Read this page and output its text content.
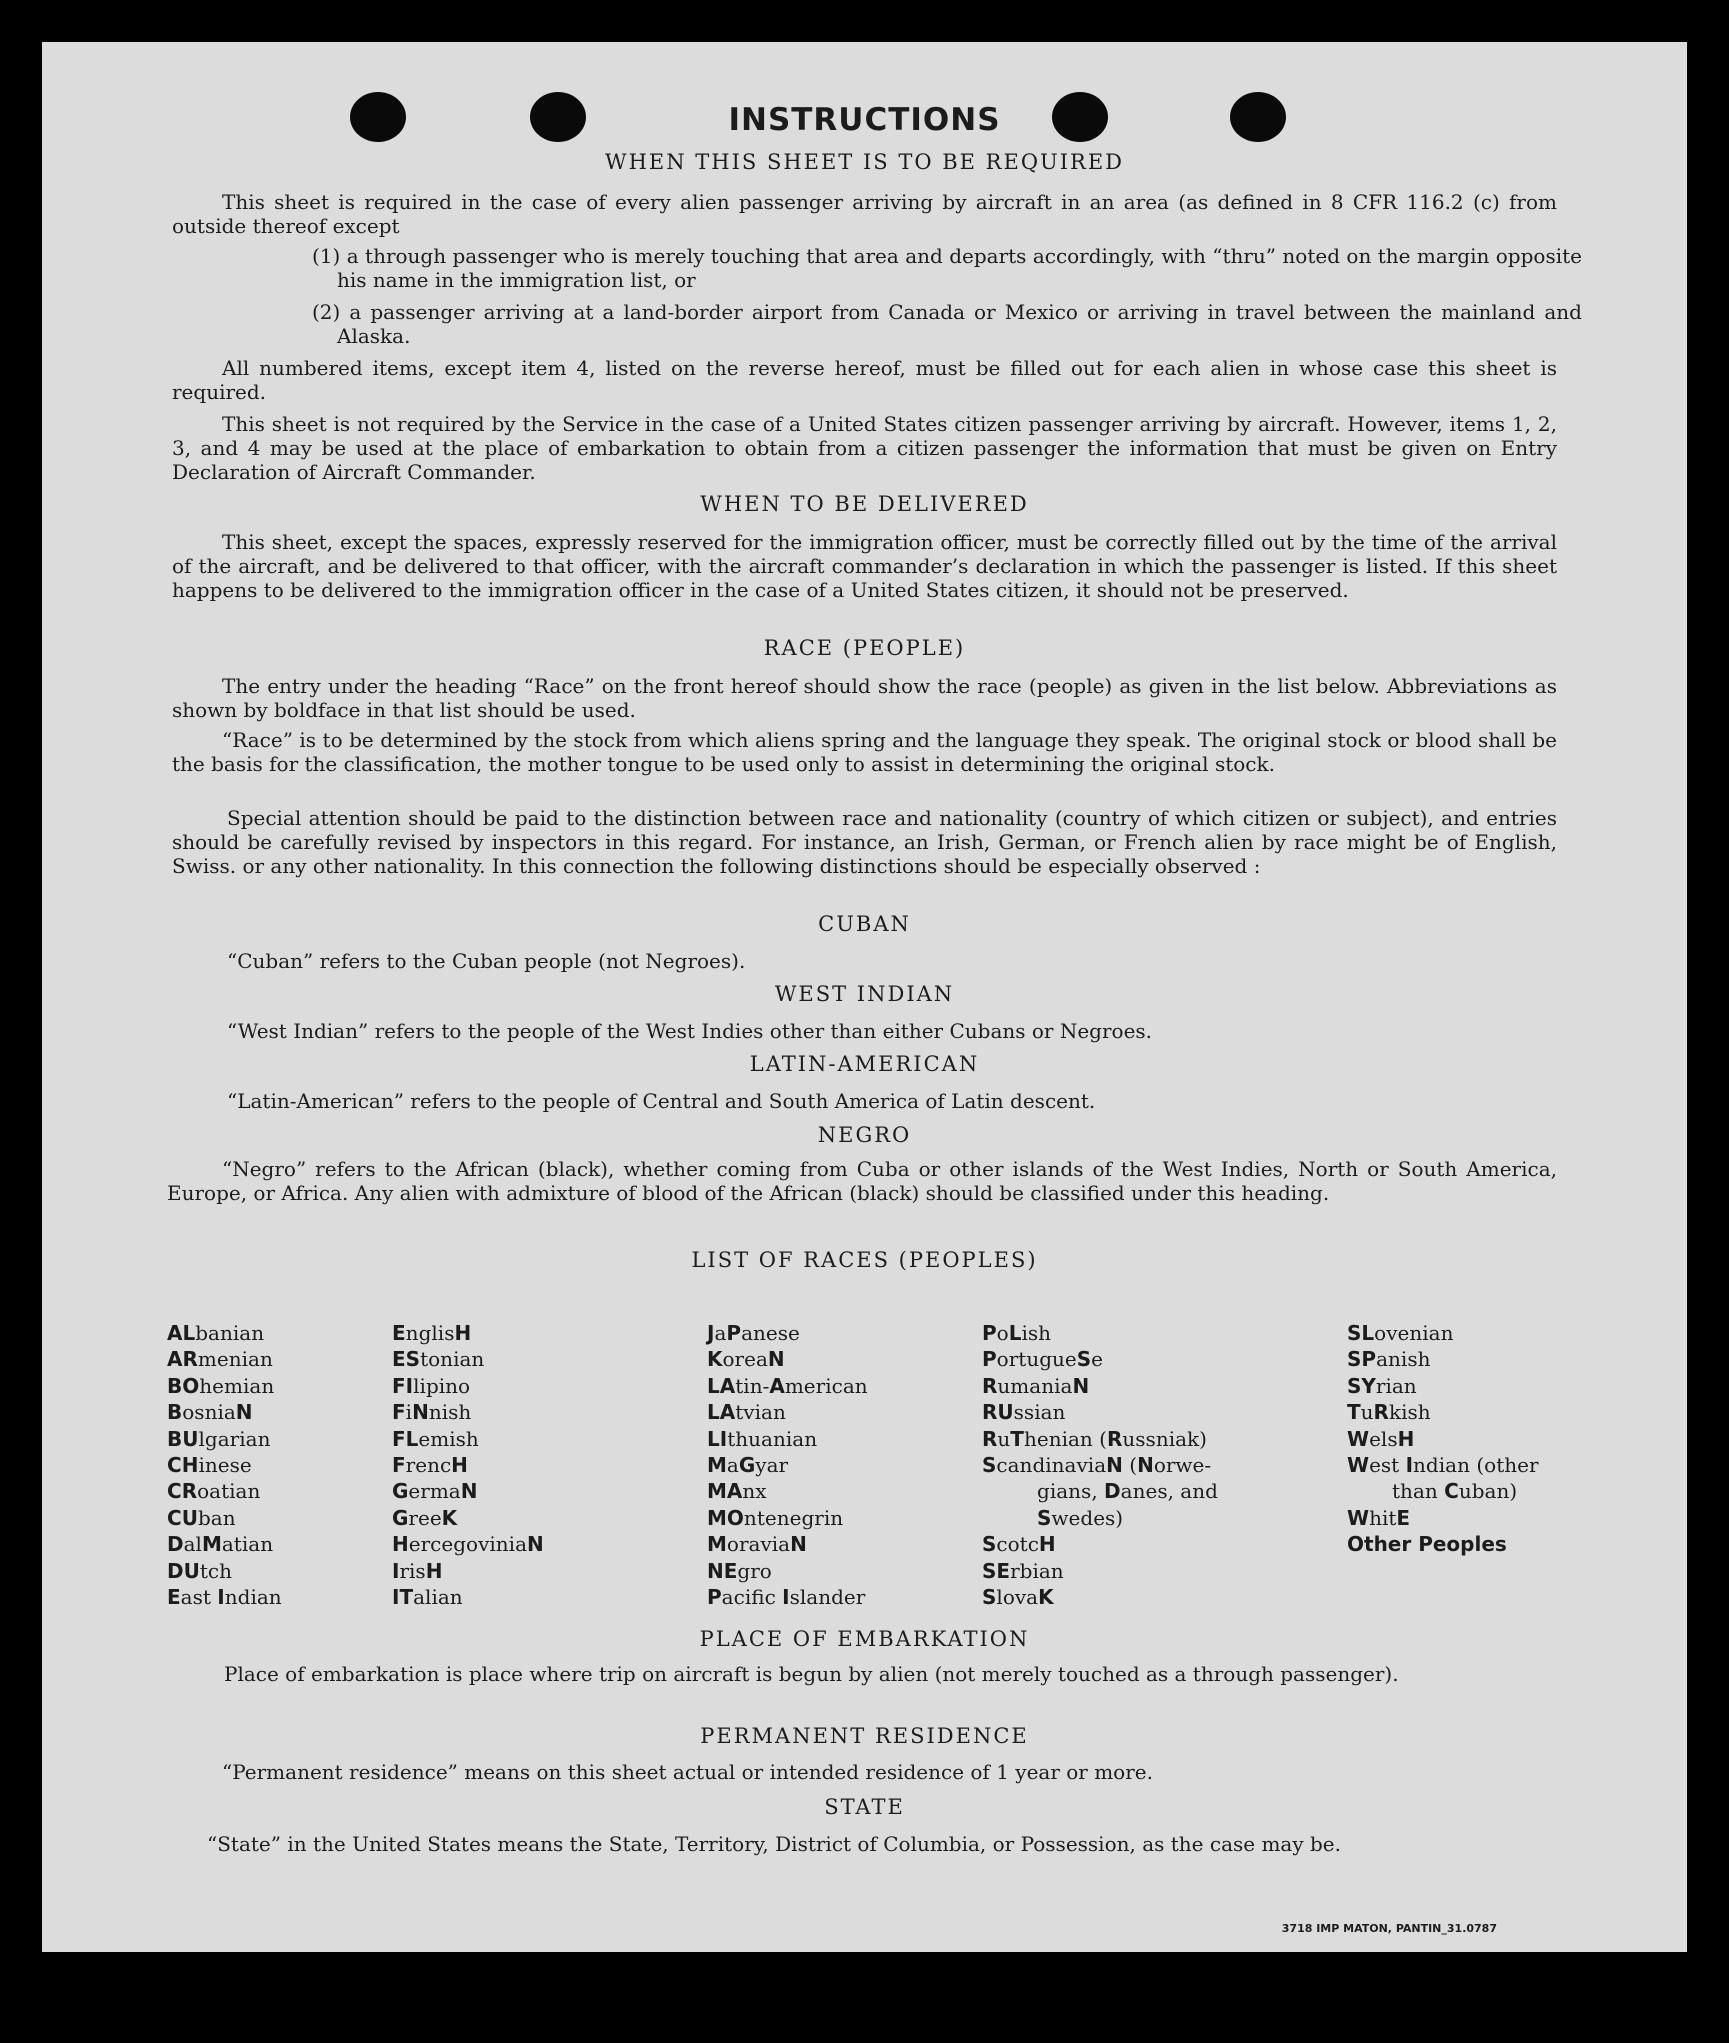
INSTRUCTIONS
WHEN THIS SHEET IS TO BE REQUIRED
This sheet is required in the case of every alien passenger arriving by aircraft in an area (as defined in 8 CFR 116.2 (c) from outside thereof except
(1) a through passenger who is merely touching that area and departs accordingly, with “thru” noted on the margin opposite his name in the immigration list, or
(2) a passenger arriving at a land-border airport from Canada or Mexico or arriving in travel between the mainland and Alaska.
All numbered items, except item 4, listed on the reverse hereof, must be filled out for each alien in whose case this sheet is required.
This sheet is not required by the Service in the case of a United States citizen passenger arriving by aircraft. However, items 1, 2, 3, and 4 may be used at the place of embarkation to obtain from a citizen passenger the information that must be given on Entry Declaration of Aircraft Commander.
WHEN TO BE DELIVERED
This sheet, except the spaces, expressly reserved for the immigration officer, must be correctly filled out by the time of the arrival of the aircraft, and be delivered to that officer, with the aircraft commander’s declaration in which the passenger is listed. If this sheet happens to be delivered to the immigration officer in the case of a United States citizen, it should not be preserved.
RACE (PEOPLE)
The entry under the heading “Race” on the front hereof should show the race (people) as given in the list below. Abbreviations as shown by boldface in that list should be used.
“Race” is to be determined by the stock from which aliens spring and the language they speak. The original stock or blood shall be the basis for the classification, the mother tongue to be used only to assist in determining the original stock.
Special attention should be paid to the distinction between race and nationality (country of which citizen or subject), and entries should be carefully revised by inspectors in this regard. For instance, an Irish, German, or French alien by race might be of English, Swiss. or any other nationality. In this connection the following distinctions should be especially observed :
CUBAN
“Cuban” refers to the Cuban people (not Negroes).
WEST INDIAN
“West Indian” refers to the people of the West Indies other than either Cubans or Negroes.
LATIN-AMERICAN
“Latin-American” refers to the people of Central and South America of Latin descent.
NEGRO
“Negro” refers to the African (black), whether coming from Cuba or other islands of the West Indies, North or South America, Europe, or Africa. Any alien with admixture of blood of the African (black) should be classified under this heading.
LIST OF RACES (PEOPLES)
ALbanian
ARmenian
BOhemian
BosniaN
BUlgarian
CHinese
CRoatian
CUban
DalMatian
DUtch
East Indian
EnglisH
EStonian
FIlipino
FiNnish
FLemish
FrencH
GermaN
GreeK
HercegoviniaN
IrisH
ITalian
JaPanese
KoreaN
LAtin-American
LAtvian
LIthuanian
MaGyar
MAnx
MOntenegrin
MoraviaN
NEgro
Pacifc Islander
PoLish
PortugueSe
RumaniaN
RUssian
RuThenian (Russniak)
ScandinaviaN (Norwe-
gians, Danes, and
Swedes)
ScotcH
SErbian
SlovaK
SLovenian
SPanish
SYrian
TuRkish
WelsH
West Indian (other
than Cuban)
WhitE
Other Peoples
PLACE OF EMBARKATION
Place of embarkation is place where trip on aircraft is begun by alien (not merely touched as a through passenger).
PERMANENT RESIDENCE
“Permanent residence” means on this sheet actual or intended residence of 1 year or more.
STATE
“State” in the United States means the State, Territory, District of Columbia, or Possession, as the case may be.
3718 IMP MATON, PANTIN_31.0787
